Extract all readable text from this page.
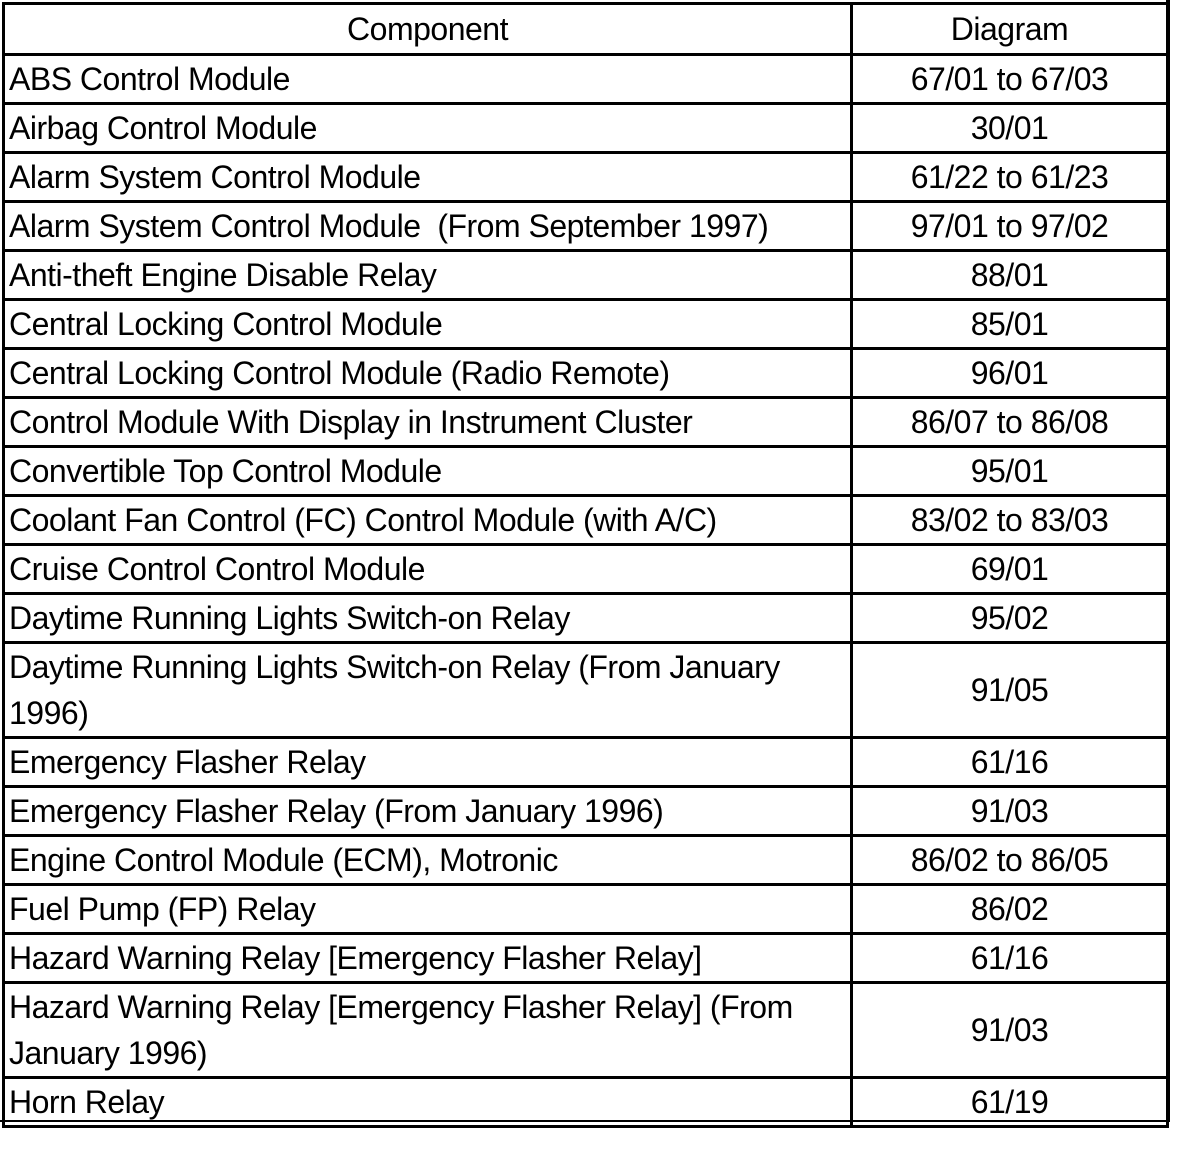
Component	Diagram
ABS Control Module	67/01 to 67/03
Airbag Control Module	30/01
Alarm System Control Module	61/22 to 61/23
Alarm System Control Module  (From September 1997)	97/01 to 97/02
Anti-theft Engine Disable Relay	88/01
Central Locking Control Module	85/01
Central Locking Control Module (Radio Remote)	96/01
Control Module With Display in Instrument Cluster	86/07 to 86/08
Convertible Top Control Module	95/01
Coolant Fan Control (FC) Control Module (with A/C)	83/02 to 83/03
Cruise Control Control Module	69/01
Daytime Running Lights Switch-on Relay	95/02
Daytime Running Lights Switch-on Relay (From January 1996)	91/05
Emergency Flasher Relay	61/16
Emergency Flasher Relay (From January 1996)	91/03
Engine Control Module (ECM), Motronic	86/02 to 86/05
Fuel Pump (FP) Relay	86/02
Hazard Warning Relay [Emergency Flasher Relay]	61/16
Hazard Warning Relay [Emergency Flasher Relay] (From January 1996)	91/03
Horn Relay	61/19
